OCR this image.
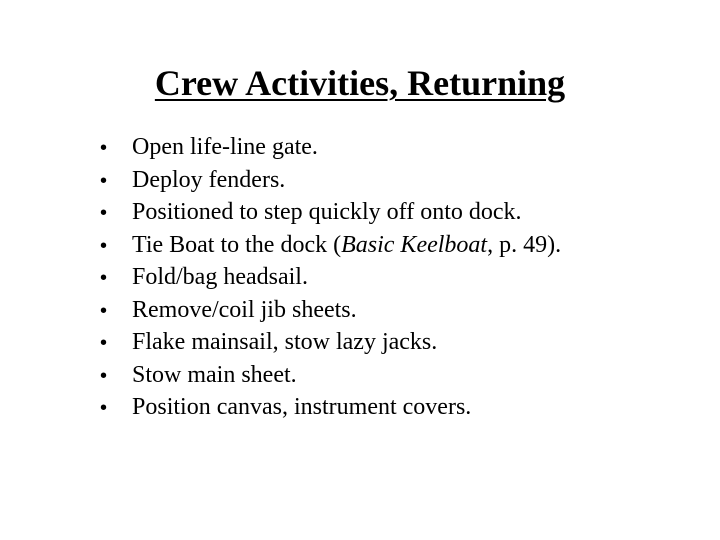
Crew Activities, Returning
•	Open life-line gate.
•	Deploy fenders.
•	Positioned to step quickly off onto dock.
•	Tie Boat to the dock (Basic Keelboat, p. 49).
•	Fold/bag headsail.
•	Remove/coil jib sheets.
•	Flake mainsail, stow lazy jacks.
•	Stow main sheet.
•	Position canvas, instrument covers.
